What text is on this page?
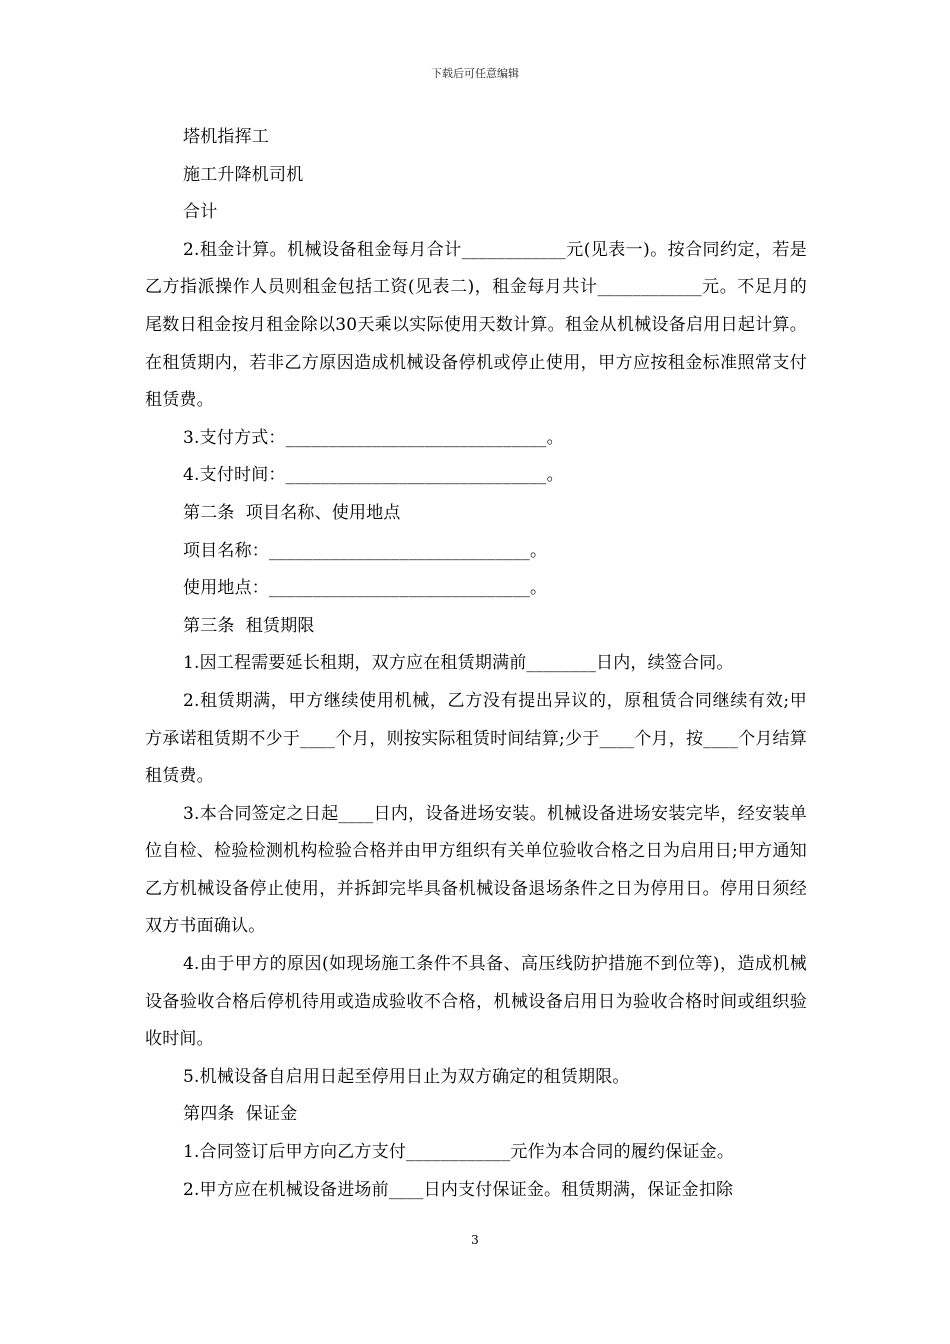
下载后可任意编辑

塔机指挥工

施工升降机司机

合计

2.租金计算。机械设备租金每月合计____________元(见表一)。按合同约定，若是乙方指派操作人员则租金包括工资(见表二)，租金每月共计____________元。不足月的尾数日租金按月租金除以30天乘以实际使用天数计算。租金从机械设备启用日起计算。在租赁期内，若非乙方原因造成机械设备停机或停止使用，甲方应按租金标准照常支付租赁费。

3.支付方式：______________________________。

4.支付时间：______________________________。

第二条  项目名称、使用地点

项目名称：______________________________。

使用地点：______________________________。

第三条  租赁期限

1.因工程需要延长租期，双方应在租赁期满前________日内，续签合同。

2.租赁期满，甲方继续使用机械，乙方没有提出异议的，原租赁合同继续有效;甲方承诺租赁期不少于____个月，则按实际租赁时间结算;少于____个月，按____个月结算租赁费。

3.本合同签定之日起____日内，设备进场安装。机械设备进场安装完毕，经安装单位自检、检验检测机构检验合格并由甲方组织有关单位验收合格之日为启用日;甲方通知乙方机械设备停止使用，并拆卸完毕具备机械设备退场条件之日为停用日。停用日须经双方书面确认。

4.由于甲方的原因(如现场施工条件不具备、高压线防护措施不到位等)，造成机械设备验收合格后停机待用或造成验收不合格，机械设备启用日为验收合格时间或组织验收时间。

5.机械设备自启用日起至停用日止为双方确定的租赁期限。

第四条  保证金

1.合同签订后甲方向乙方支付____________元作为本合同的履约保证金。

2.甲方应在机械设备进场前____日内支付保证金。租赁期满，保证金扣除

3
